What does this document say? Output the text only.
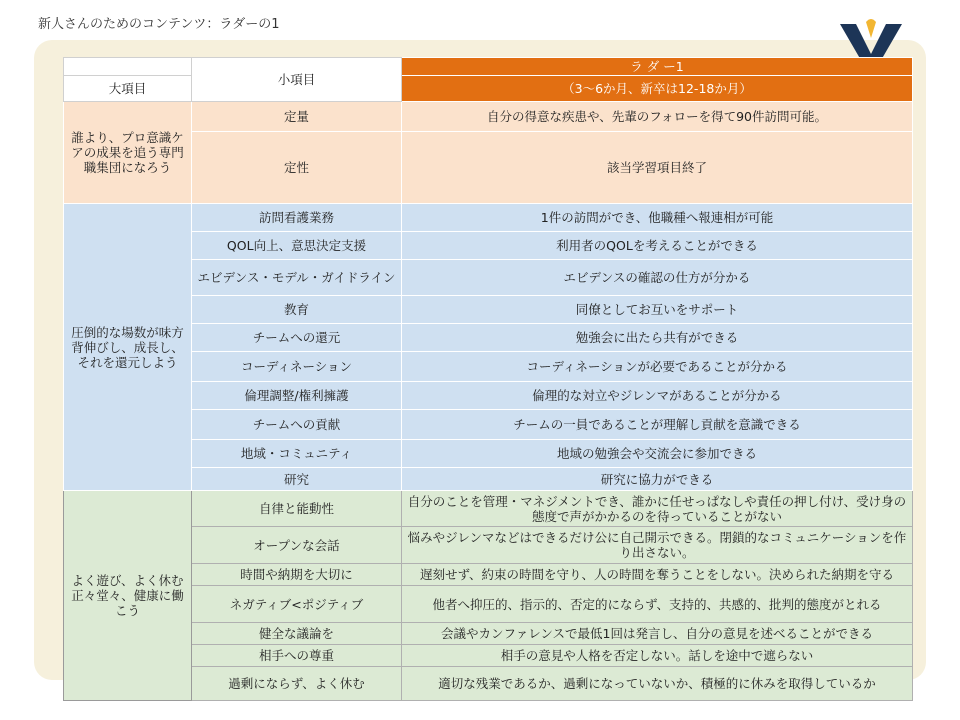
新人さんのためのコンテンツ：ラダーの1
	小項目	ラ ダ ー1
大項目		（3〜6か月、新卒は12-18か月）
誰より、プロ意識ケアの成果を追う専門職集団になろう	定量	自分の得意な疾患や、先輩のフォローを得て90件訪問可能。
	定性	該当学習項目終了
圧倒的な場数が味方背伸びし、成長し、それを還元しよう	訪問看護業務	1件の訪問ができ、他職種へ報連相が可能
	QOL向上、意思決定支援	利用者のQOLを考えることができる
	エビデンス・モデル・ガイドライン	エビデンスの確認の仕方が分かる
	教育	同僚としてお互いをサポート
	チームへの還元	勉強会に出たら共有ができる
	コーディネーション	コーディネーションが必要であることが分かる
	倫理調整/権利擁護	倫理的な対立やジレンマがあることが分かる
	チームへの貢献	チームの一員であることが理解し貢献を意識できる
	地域・コミュニティ	地域の勉強会や交流会に参加できる
	研究	研究に協力ができる
よく遊び、よく休む正々堂々、健康に働こう	自律と能動性	自分のことを管理・マネジメントでき、誰かに任せっぱなしや責任の押し付け、受け身の態度で声がかかるのを待っていることがない
	オープンな会話	悩みやジレンマなどはできるだけ公に自己開示できる。閉鎖的なコミュニケーションを作り出さない。
	時間や納期を大切に	遅刻せず、約束の時間を守り、人の時間を奪うことをしない。決められた納期を守る
	ネガティブ<ポジティブ	他者へ抑圧的、指示的、否定的にならず、支持的、共感的、批判的態度がとれる
	健全な議論を	会議やカンファレンスで最低1回は発言し、自分の意見を述べることができる
	相手への尊重	相手の意見や人格を否定しない。話しを途中で遮らない
	過剰にならず、よく休む	適切な残業であるか、過剰になっていないか、積極的に休みを取得しているか
